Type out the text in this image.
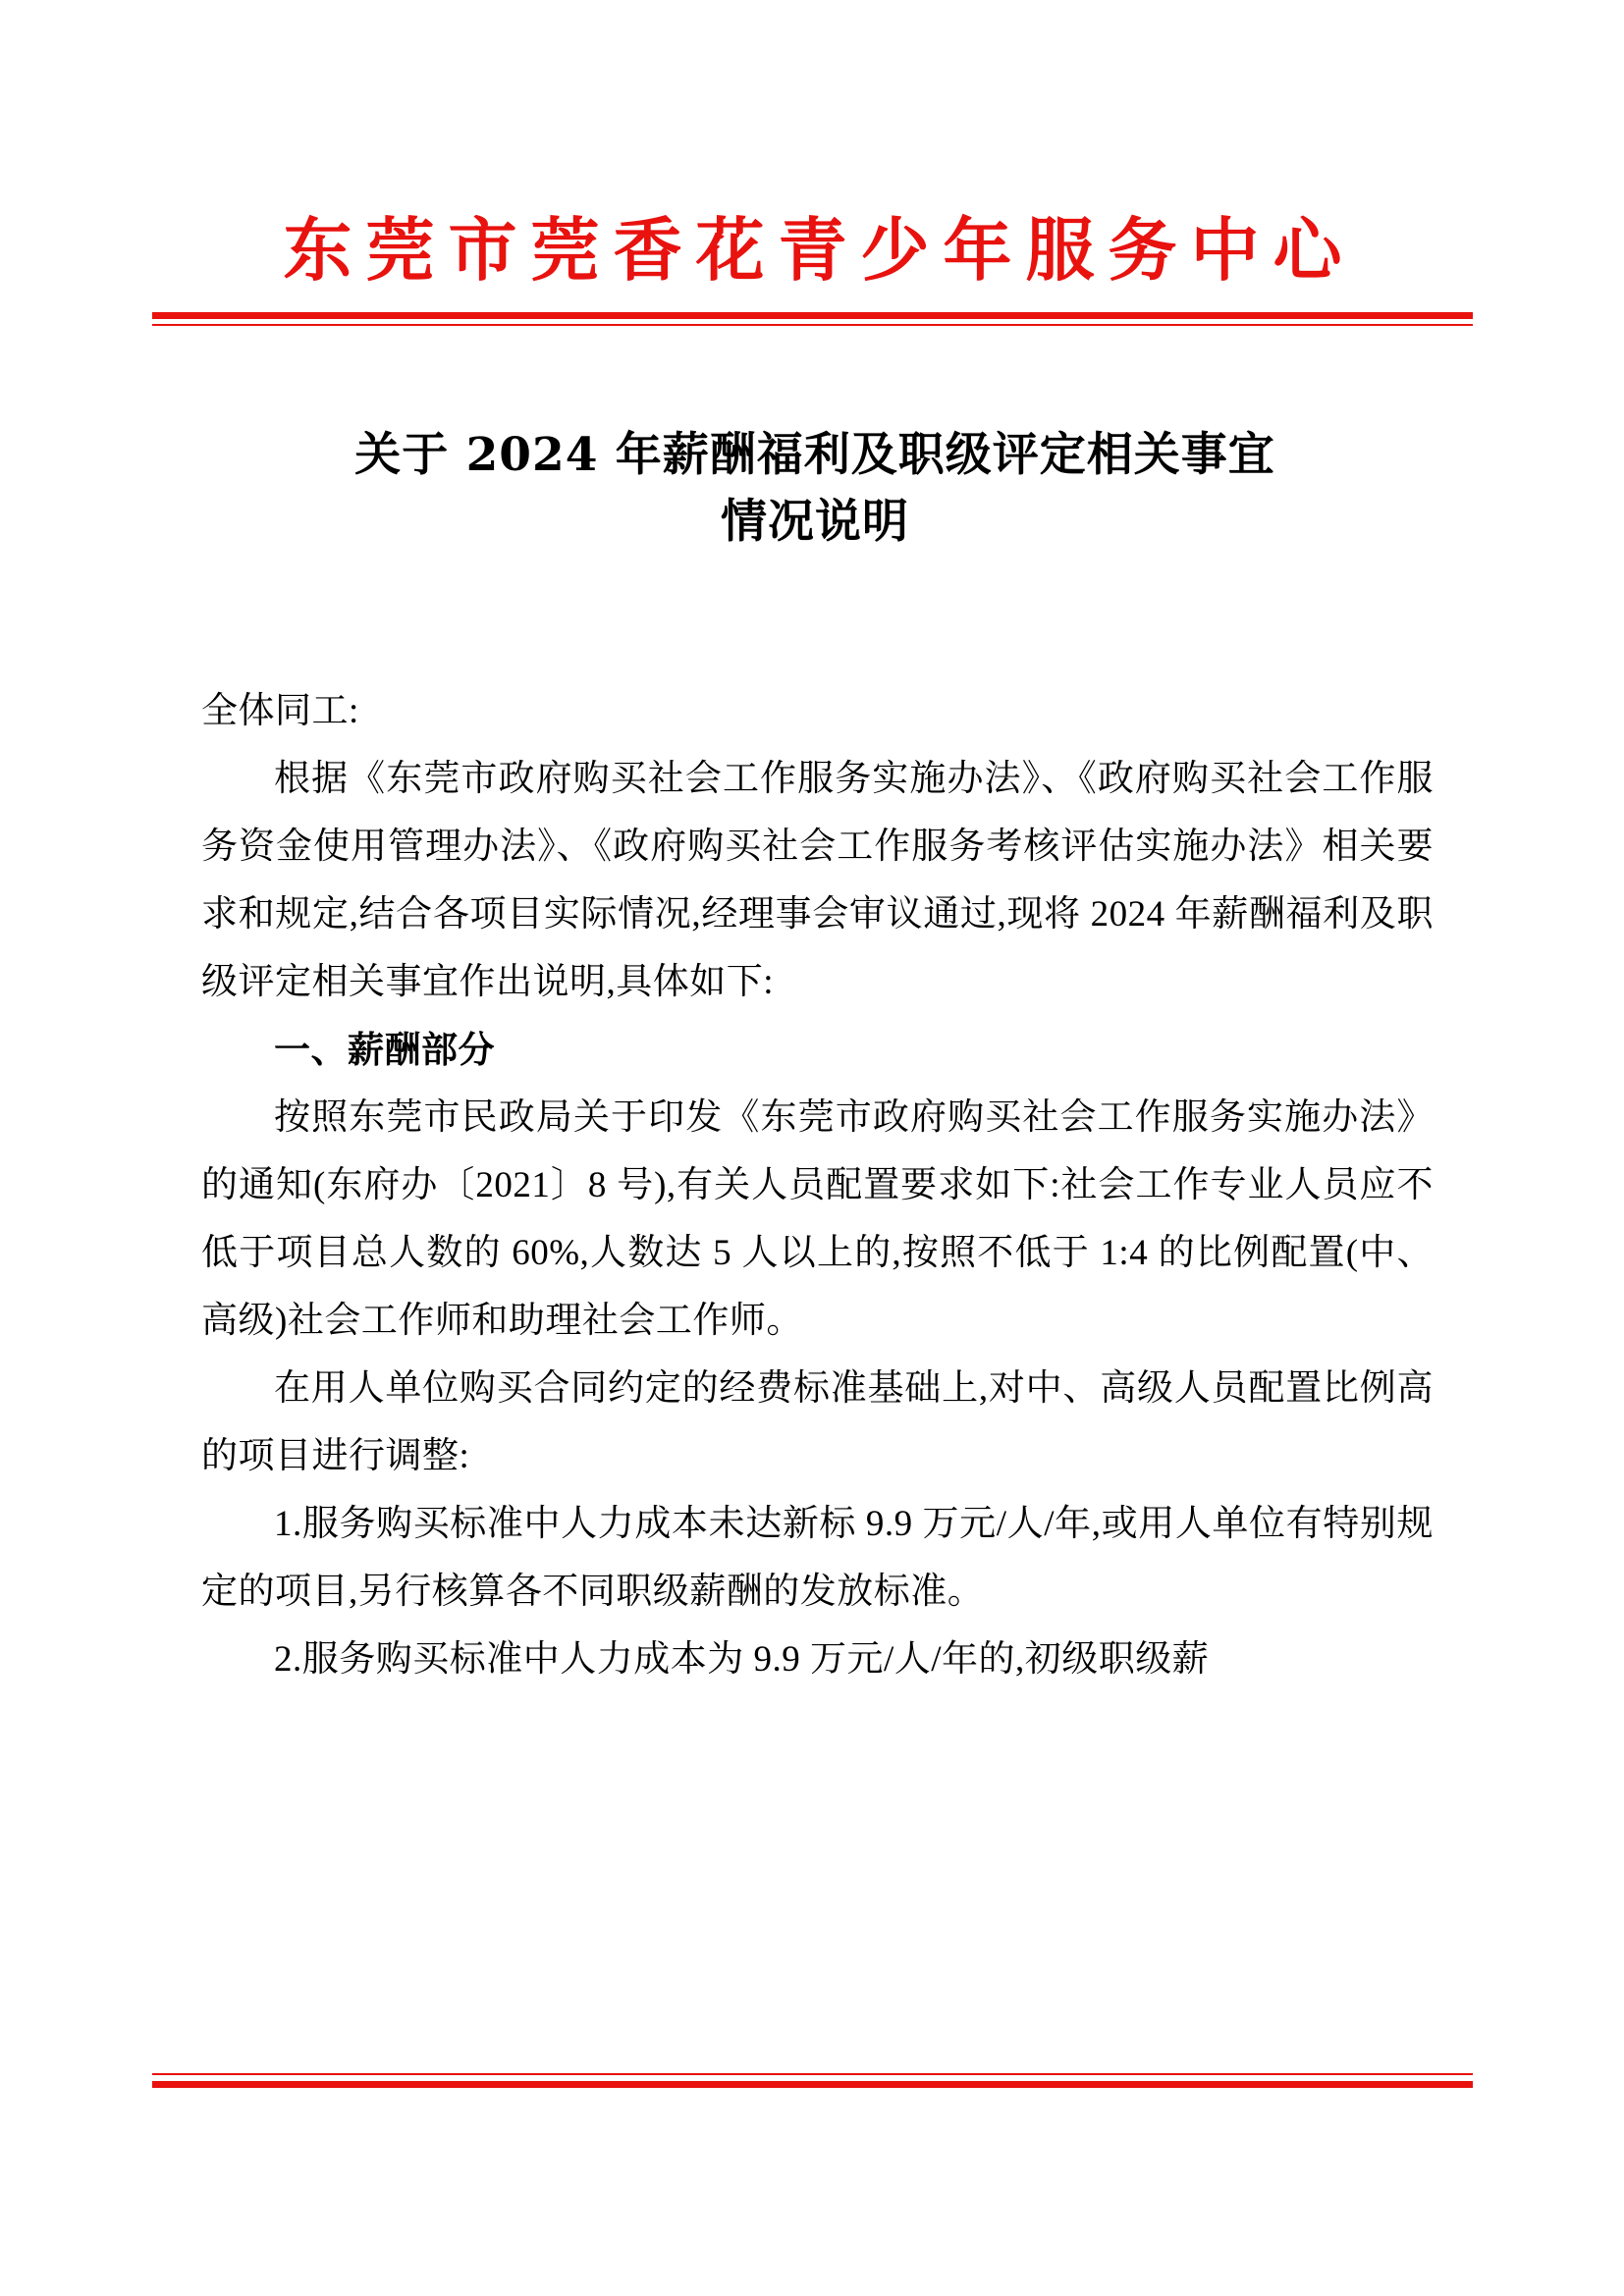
东莞市莞香花青少年服务中心
关于 2024 年薪酬福利及职级评定相关事宜
情况说明

全体同工:

根据《东莞市政府购买社会工作服务实施办法》、《政府购买社会工作服务资金使用管理办法》、《政府购买社会工作服务考核评估实施办法》相关要求和规定,结合各项目实际情况,经理事会审议通过,现将 2024 年薪酬福利及职级评定相关事宜作出说明,具体如下:

一、薪酬部分

按照东莞市民政局关于印发《东莞市政府购买社会工作服务实施办法》的通知(东府办〔2021〕8 号),有关人员配置要求如下:社会工作专业人员应不低于项目总人数的 60%,人数达 5 人以上的,按照不低于 1:4 的比例配置(中、高级)社会工作师和助理社会工作师。

在用人单位购买合同约定的经费标准基础上,对中、高级人员配置比例高的项目进行调整:

1.服务购买标准中人力成本未达新标 9.9 万元/人/年,或用人单位有特别规定的项目,另行核算各不同职级薪酬的发放标准。

2.服务购买标准中人力成本为 9.9 万元/人/年的,初级职级薪
